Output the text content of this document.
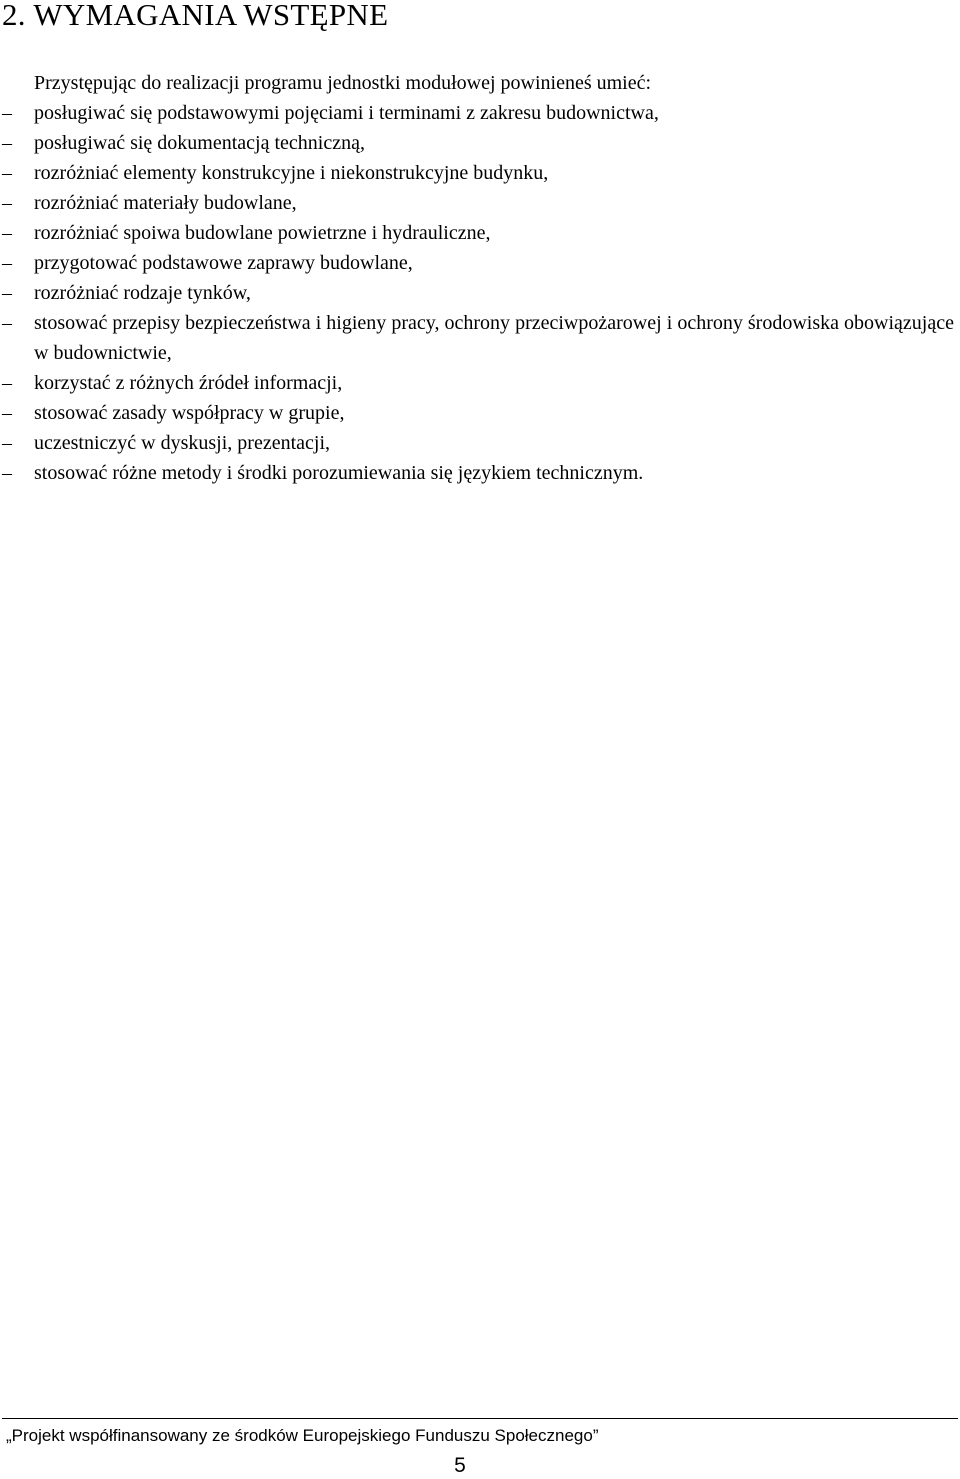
2. WYMAGANIA WSTĘPNE

Przystępując do realizacji programu jednostki modułowej powinieneś umieć:

– posługiwać się podstawowymi pojęciami i terminami z zakresu budownictwa,
– posługiwać się dokumentacją techniczną,
– rozróżniać elementy konstrukcyjne i niekonstrukcyjne budynku,
– rozróżniać materiały budowlane,
– rozróżniać spoiwa budowlane powietrzne i hydrauliczne,
– przygotować podstawowe zaprawy budowlane,
– rozróżniać rodzaje tynków,
– stosować przepisy bezpieczeństwa i higieny pracy, ochrony przeciwpożarowej i ochrony środowiska obowiązujące w budownictwie,
– korzystać z różnych źródeł informacji,
– stosować zasady współpracy w grupie,
– uczestniczyć w dyskusji, prezentacji,
– stosować różne metody i środki porozumiewania się językiem technicznym.

„Projekt współfinansowany ze środków Europejskiego Funduszu Społecznego”

5
